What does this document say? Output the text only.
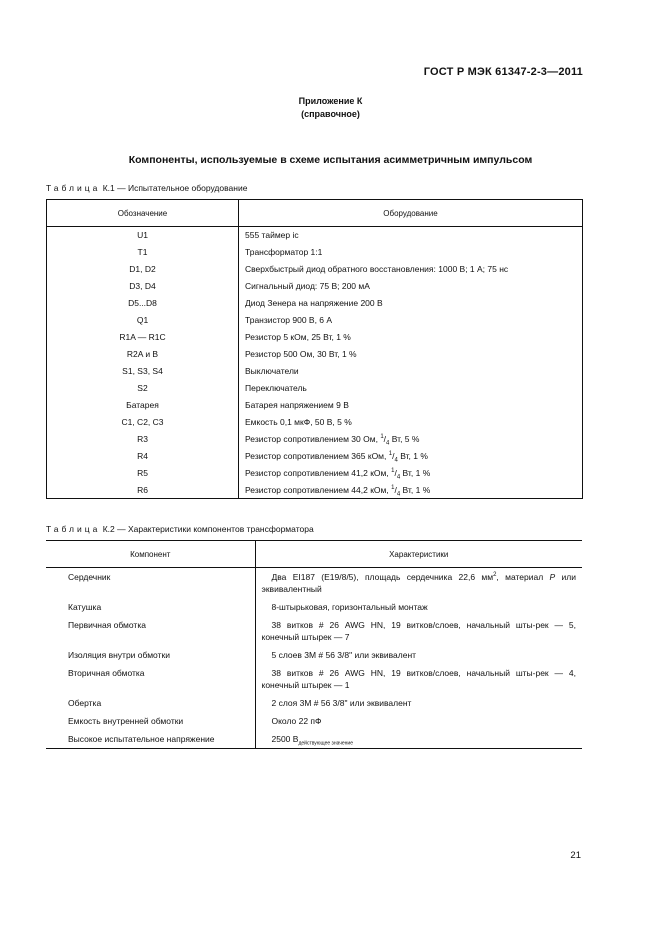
ГОСТ Р МЭК 61347-2-3—2011
Приложение К
(справочное)
Компоненты, используемые в схеме испытания асимметричным импульсом
Таблица К.1 — Испытательное оборудование
Обозначение	Оборудование
U1	555 таймер ic
T1	Трансформатор 1:1
D1, D2	Сверхбыстрый диод обратного восстановления: 1000 В; 1 А; 75 нс
D3, D4	Сигнальный диод: 75 В; 200 мА
D5...D8	Диод Зенера на напряжение 200 В
Q1	Транзистор 900 В, 6 А
R1A — R1C	Резистор 5 кОм, 25 Вт, 1 %
R2A и B	Резистор 500 Ом, 30 Вт, 1 %
S1, S3, S4	Выключатели
S2	Переключатель
Батарея	Батарея напряжением 9 В
C1, C2, C3	Емкость 0,1 мкФ, 50 В, 5 %
R3	Резистор сопротивлением 30 Ом, $^1/_4$ Вт, 5 %
R4	Резистор сопротивлением 365 кОм, $^1/_4$ Вт, 1 %
R5	Резистор сопротивлением 41,2 кОм, $^1/_4$ Вт, 1 %
R6	Резистор сопротивлением 44,2 кОм, $^1/_4$ Вт, 1 %
Таблица К.2 — Характеристики компонентов трансформатора
Компонент	Характеристики
Сердечник	Два EI187 (E19/8/5), площадь сердечника 22,6 $мм^2$, материал P или эквивалентный
Катушка	8-штырьковая, горизонтальный монтаж
Первичная обмотка	38 витков # 26 AWG HN, 19 витков/слоев, начальный шты-рек — 5, конечный штырек — 7
Изоляция внутри обмотки	5 слоев 3M # 56 3/8" или эквивалент
Вторичная обмотка	38 витков # 26 AWG HN, 19 витков/слоев, начальный шты-рек — 4, конечный штырек — 1
Обертка	2 слоя 3M # 56 3/8" или эквивалент
Емкость внутренней обмотки	Около 22 пФ
Высокое испытательное напряжение	2500 $В_{действующее значение}$
21
